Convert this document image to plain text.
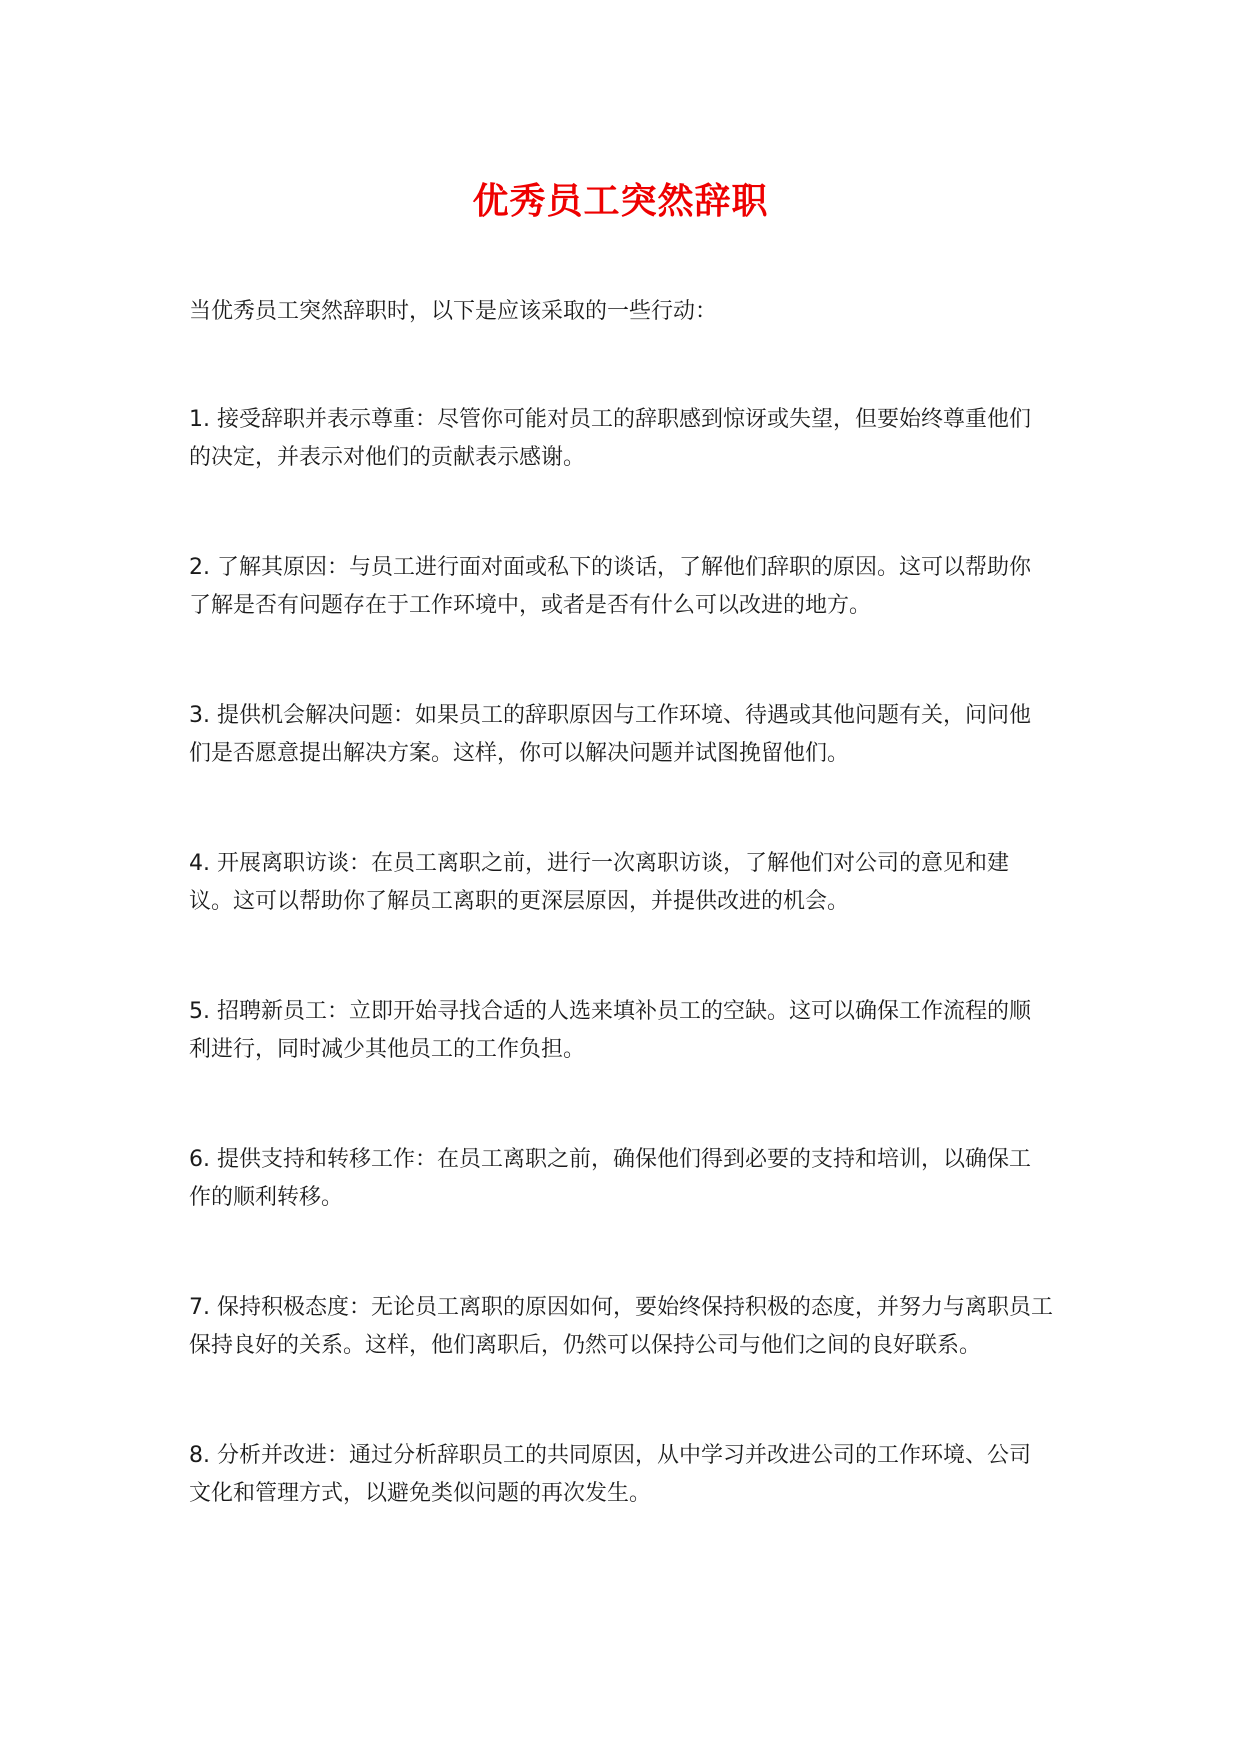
优秀员工突然辞职

当优秀员工突然辞职时，以下是应该采取的一些行动：

1. 接受辞职并表示尊重：尽管你可能对员工的辞职感到惊讶或失望，但要始终尊重他们的决定，并表示对他们的贡献表示感谢。

2. 了解其原因：与员工进行面对面或私下的谈话，了解他们辞职的原因。这可以帮助你了解是否有问题存在于工作环境中，或者是否有什么可以改进的地方。

3. 提供机会解决问题：如果员工的辞职原因与工作环境、待遇或其他问题有关，问问他们是否愿意提出解决方案。这样，你可以解决问题并试图挽留他们。

4. 开展离职访谈：在员工离职之前，进行一次离职访谈，了解他们对公司的意见和建议。这可以帮助你了解员工离职的更深层原因，并提供改进的机会。

5. 招聘新员工：立即开始寻找合适的人选来填补员工的空缺。这可以确保工作流程的顺利进行，同时减少其他员工的工作负担。

6. 提供支持和转移工作：在员工离职之前，确保他们得到必要的支持和培训，以确保工作的顺利转移。

7. 保持积极态度：无论员工离职的原因如何，要始终保持积极的态度，并努力与离职员工保持良好的关系。这样，他们离职后，仍然可以保持公司与他们之间的良好联系。

8. 分析并改进：通过分析辞职员工的共同原因，从中学习并改进公司的工作环境、公司文化和管理方式，以避免类似问题的再次发生。
